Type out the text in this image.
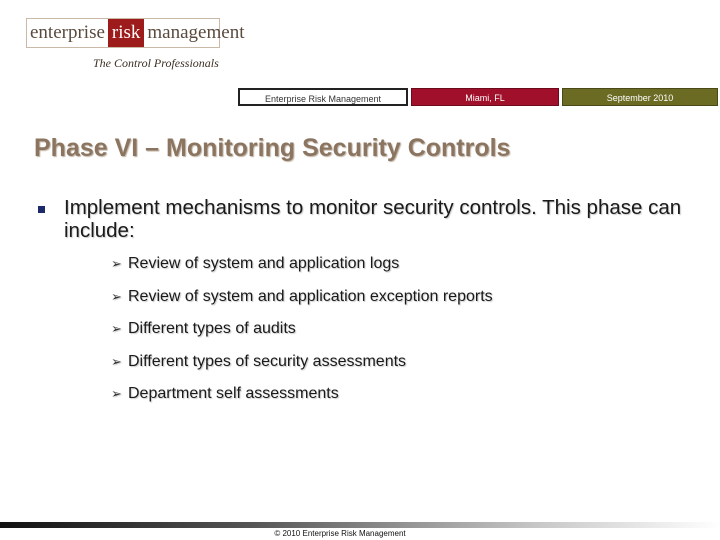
enterprise risk management
The Control Professionals
Enterprise Risk Management	Miami, FL	September 2010
Phase VI – Monitoring Security Controls
Implement mechanisms to monitor security controls. This phase can include:
➢ Review of system and application logs
➢ Review of system and application exception reports
➢ Different types of audits
➢ Different types of security assessments
➢ Department self assessments
© 2010 Enterprise Risk Management
